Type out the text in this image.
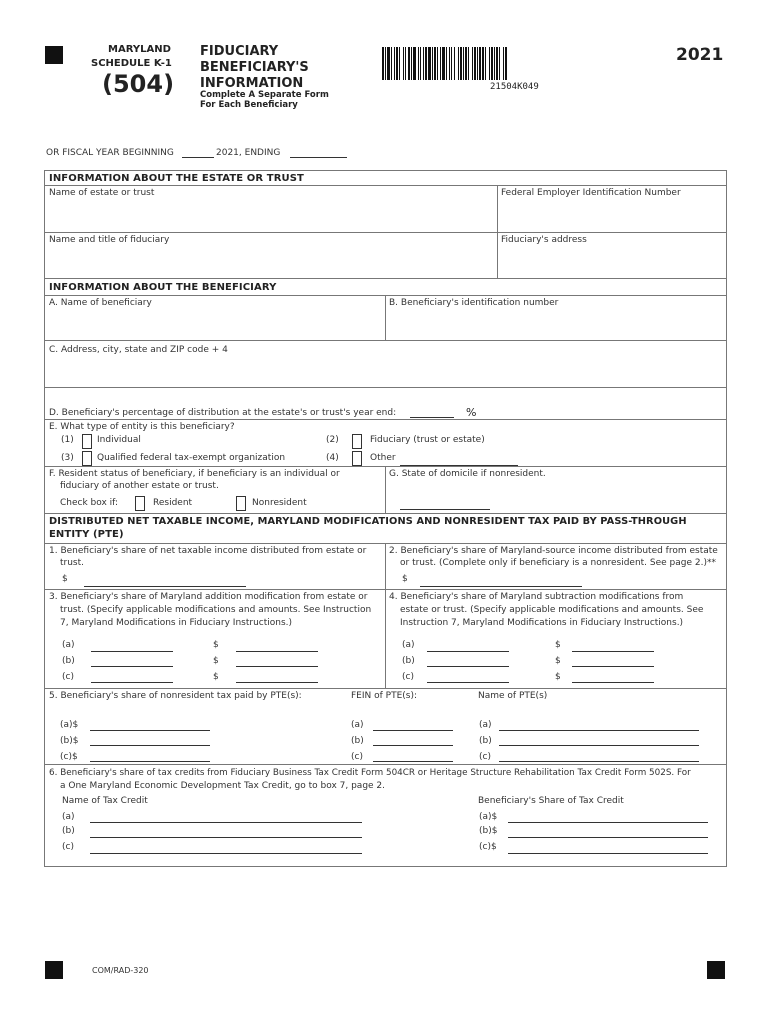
MARYLAND
SCHEDULE K-1
(504)
FIDUCIARY
BENEFICIARY'S
INFORMATION
Complete A Separate Form
For Each Beneficiary
21504K049
2021
OR FISCAL YEAR BEGINNING	2021, ENDING
INFORMATION ABOUT THE ESTATE OR TRUST
Name of estate or trust	Federal Employer Identification Number
Name and title of fiduciary	Fiduciary's address
INFORMATION ABOUT THE BENEFICIARY
A. Name of beneficiary	B. Beneficiary's identification number
C. Address, city, state and ZIP code + 4
D. Beneficiary's percentage of distribution at the estate's or trust's year end:	%
E. What type of entity is this beneficiary?
(1)	Individual	(2)	Fiduciary (trust or estate)
(3)	Qualified federal tax-exempt organization	(4)	Other
F. Resident status of beneficiary, if beneficiary is an individual or
fiduciary of another estate or trust.
Check box if:	Resident	Nonresident
G. State of domicile if nonresident.
DISTRIBUTED NET TAXABLE INCOME, MARYLAND MODIFICATIONS AND NONRESIDENT TAX PAID BY PASS-THROUGH
ENTITY (PTE)
1. Beneficiary's share of net taxable income distributed from estate or
trust.
$
2. Beneficiary's share of Maryland-source income distributed from estate
or trust. (Complete only if beneficiary is a nonresident. See page 2.)**
$
3. Beneficiary's share of Maryland addition modification from estate or
trust. (Specify applicable modifications and amounts. See Instruction
7, Maryland Modifications in Fiduciary Instructions.)
(a)	$
(b)	$
(c)	$
4. Beneficiary's share of Maryland subtraction modifications from
estate or trust. (Specify applicable modifications and amounts. See
Instruction 7, Maryland Modifications in Fiduciary Instructions.)
(a)	$
(b)	$
(c)	$
5. Beneficiary's share of nonresident tax paid by PTE(s):	FEIN of PTE(s):	Name of PTE(s)
(a)$	(a)	(a)
(b)$	(b)	(b)
(c)$	(c)	(c)
6. Beneficiary's share of tax credits from Fiduciary Business Tax Credit Form 504CR or Heritage Structure Rehabilitation Tax Credit Form 502S. For
a One Maryland Economic Development Tax Credit, go to box 7, page 2.
Name of Tax Credit	Beneficiary's Share of Tax Credit
(a)	(a)$
(b)	(b)$
(c)	(c)$
COM/RAD-320
